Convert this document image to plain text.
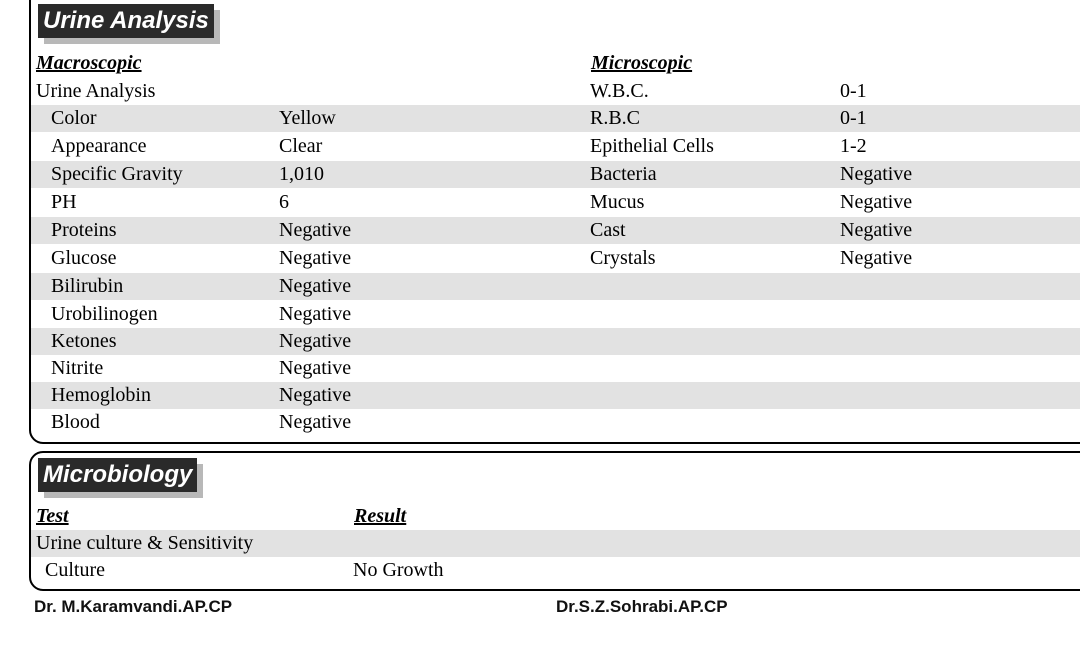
Urine Analysis
Macroscopic
Urine Analysis
Color	Yellow
Appearance	Clear
Specific Gravity	1,010
PH	6
Proteins	Negative
Glucose	Negative
Bilirubin	Negative
Urobilinogen	Negative
Ketones	Negative
Nitrite	Negative
Hemoglobin	Negative
Blood	Negative
Microscopic
W.B.C.	0-1
R.B.C	0-1
Epithelial Cells	1-2
Bacteria	Negative
Mucus	Negative
Cast	Negative
Crystals	Negative
Microbiology
Test	Result
Urine culture & Sensitivity
Culture	No Growth
Dr. M.Karamvandi.AP.CP	Dr.S.Z.Sohrabi.AP.CP
